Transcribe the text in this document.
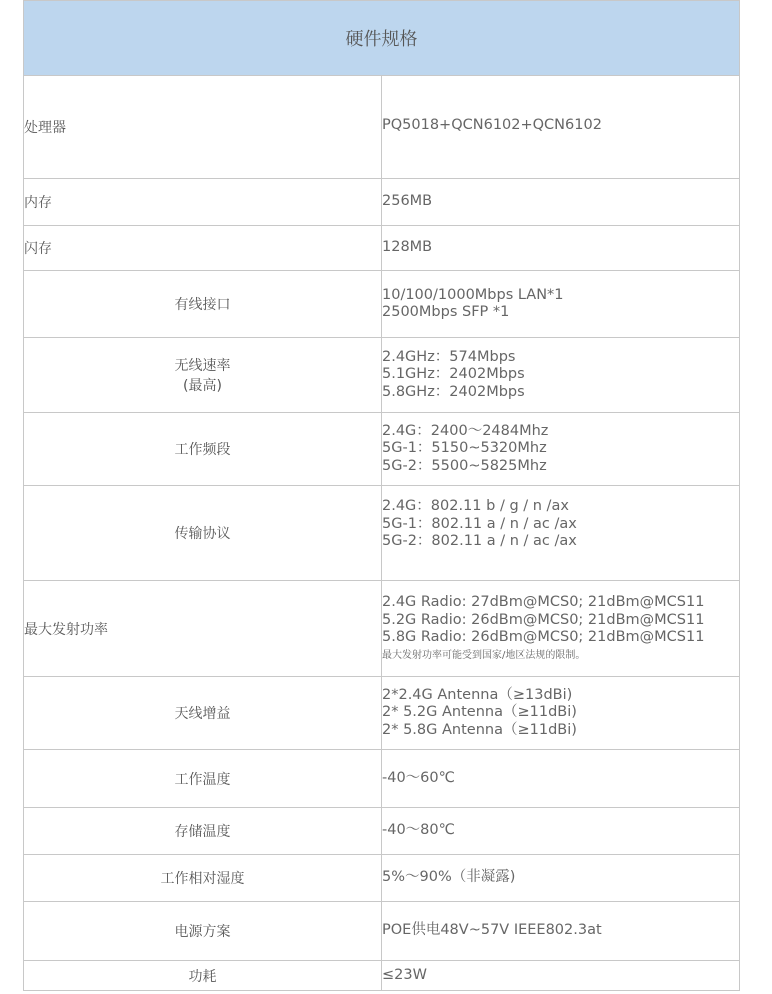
硬件规格	
处理器	PQ5018+QCN6102+QCN6102

内存	256MB

闪存	128MB

有线接口	10/100/1000Mbps LAN*1
2500Mbps SFP *1

无线速率
(最高)	2.4GHz：574Mbps
5.1GHz：2402Mbps
5.8GHz：2402Mbps

工作频段	2.4G：2400～2484Mhz
5G-1：5150~5320Mhz
5G-2：5500~5825Mhz

传输协议	2.4G：802.11 b / g / n /ax
5G-1：802.11 a / n / ac /ax
5G-2：802.11 a / n / ac /ax

最大发射功率	2.4G Radio: 27dBm@MCS0; 21dBm@MCS11
5.2G Radio: 26dBm@MCS0; 21dBm@MCS11
5.8G Radio: 26dBm@MCS0; 21dBm@MCS11
最大发射功率可能受到国家/地区法规的限制。

天线增益	2*2.4G Antenna（≥13dBi)
2* 5.2G Antenna（≥11dBi)
2* 5.8G Antenna（≥11dBi)

工作温度	-40～60℃

存储温度	-40～80℃

工作相对湿度	5%～90%（非凝露)

电源方案	POE供电48V~57V IEEE802.3at

功耗	≤23W
